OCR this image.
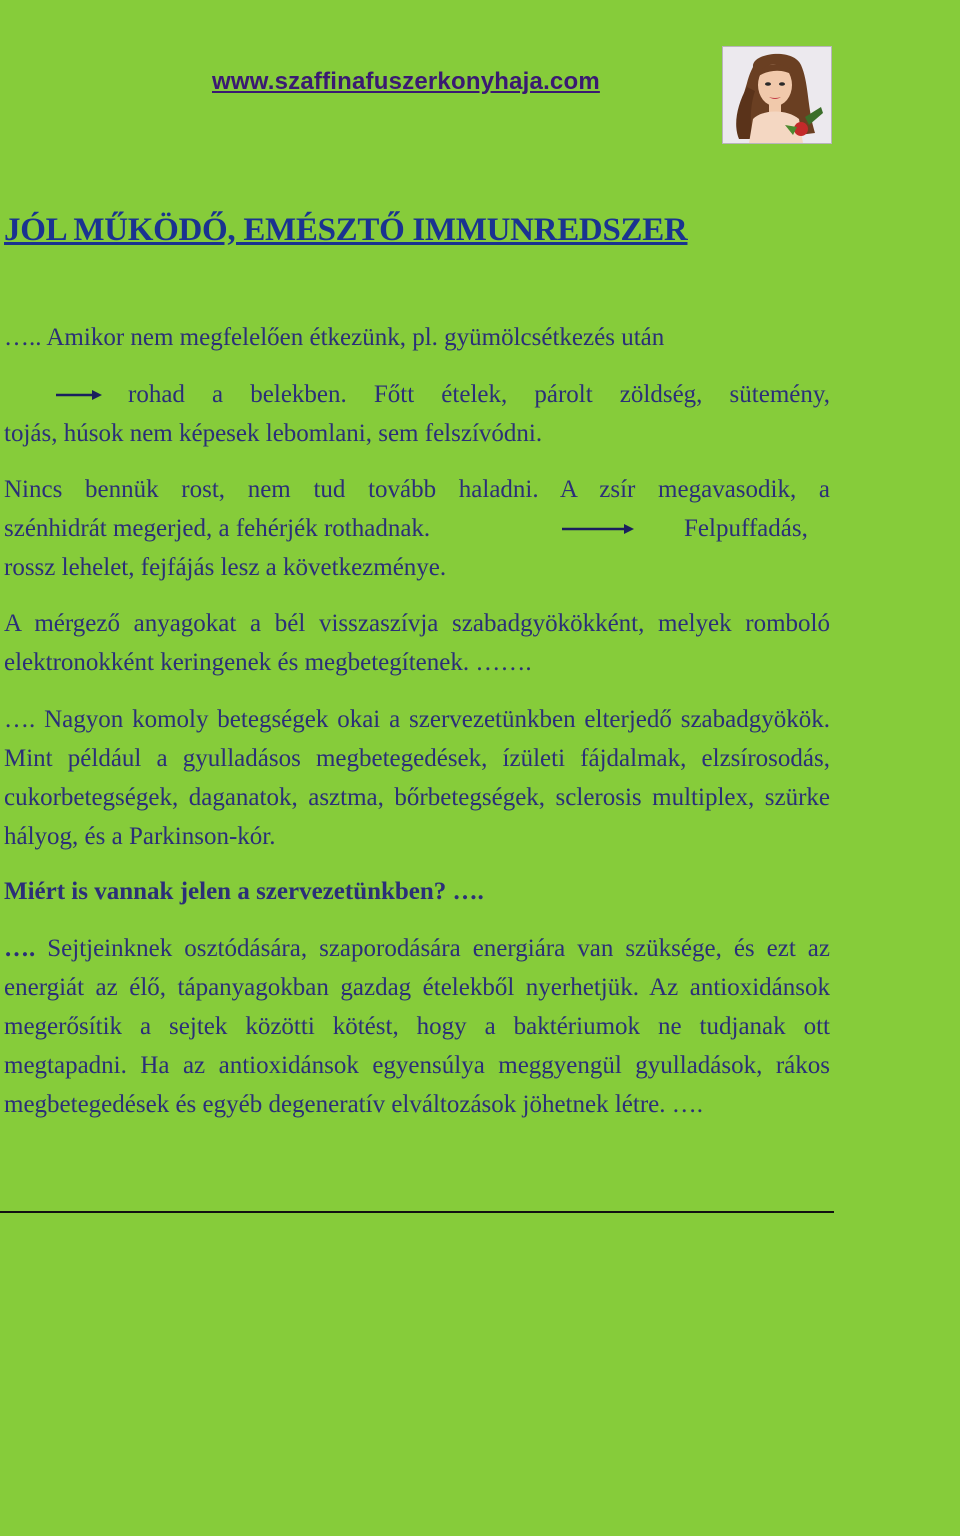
www.szaffinafuszerkonyhaja.com
JÓL MŰKÖDŐ, EMÉSZTŐ IMMUNREDSZER

….. Amikor nem megfelelően étkezünk, pl. gyümölcsétkezés után

rohad a belekben. Főtt ételek, párolt zöldség, sütemény,

tojás, húsok nem képesek lebomlani, sem felszívódni.

Nincs bennük rost, nem tud tovább haladni. A zsír megavasodik, a

szénhidrát megerjed, a fehérjék rothadnak.	Felpuffadás,

rossz lehelet, fejfájás lesz a következménye.

A mérgező anyagokat a bél visszaszívja szabadgyökökként, melyek romboló elektronokként keringenek és megbetegítenek. …….

…. Nagyon komoly betegségek okai a szervezetünkben elterjedő szabadgyökök. Mint például a gyulladásos megbetegedések, ízületi fájdalmak, elzsírosodás, cukorbetegségek, daganatok, asztma, bőrbetegségek, sclerosis multiplex, szürke hályog, és a Parkinson-kór.

Miért is vannak jelen a szervezetünkben? ….

…. Sejtjeinknek osztódására, szaporodására energiára van szüksége, és ezt az energiát az élő, tápanyagokban gazdag ételekből nyerhetjük. Az antioxidánsok megerősítik a sejtek közötti kötést, hogy a baktériumok ne tudjanak ott megtapadni. Ha az antioxidánsok egyensúlya meggyengül gyulladások, rákos megbetegedések és egyéb degeneratív elváltozások jöhetnek létre. ….
